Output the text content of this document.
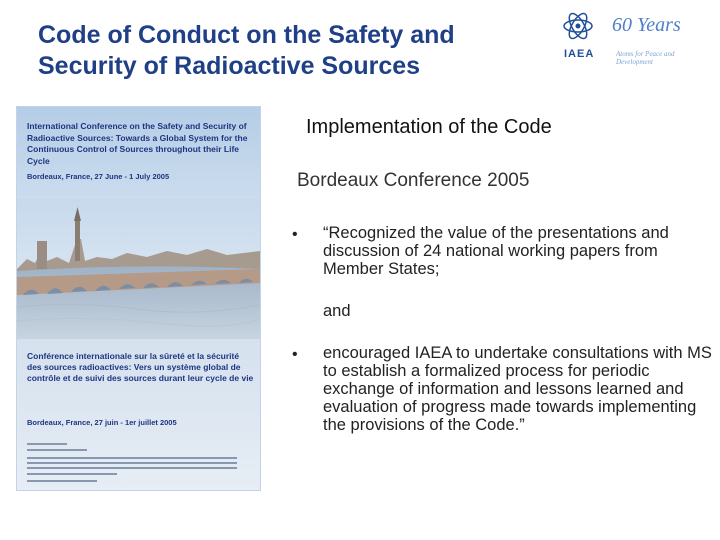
Code of Conduct on the Safety and
Security of Radioactive Sources	IAEA
60 Years
Atoms for Peace and Development
International Conference on the Safety and Security of Radioactive Sources: Towards a Global System for the Continuous Control of Sources throughout their Life Cycle
Bordeaux, France, 27 June - 1 July 2005
Conférence internationale sur la sûreté et la sécurité des sources radioactives: Vers un système global de contrôle et de suivi des sources durant leur cycle de vie
Bordeaux, France, 27 juin - 1er juillet 2005
Implementation of the Code
Bordeaux Conference 2005
• “Recognized the value of the presentations and discussion of 24 national working papers from Member States;
and
• encouraged IAEA to undertake consultations with MS to establish a formalized process for periodic exchange of information and lessons learned and evaluation of progress made towards implementing the provisions of the Code.”
